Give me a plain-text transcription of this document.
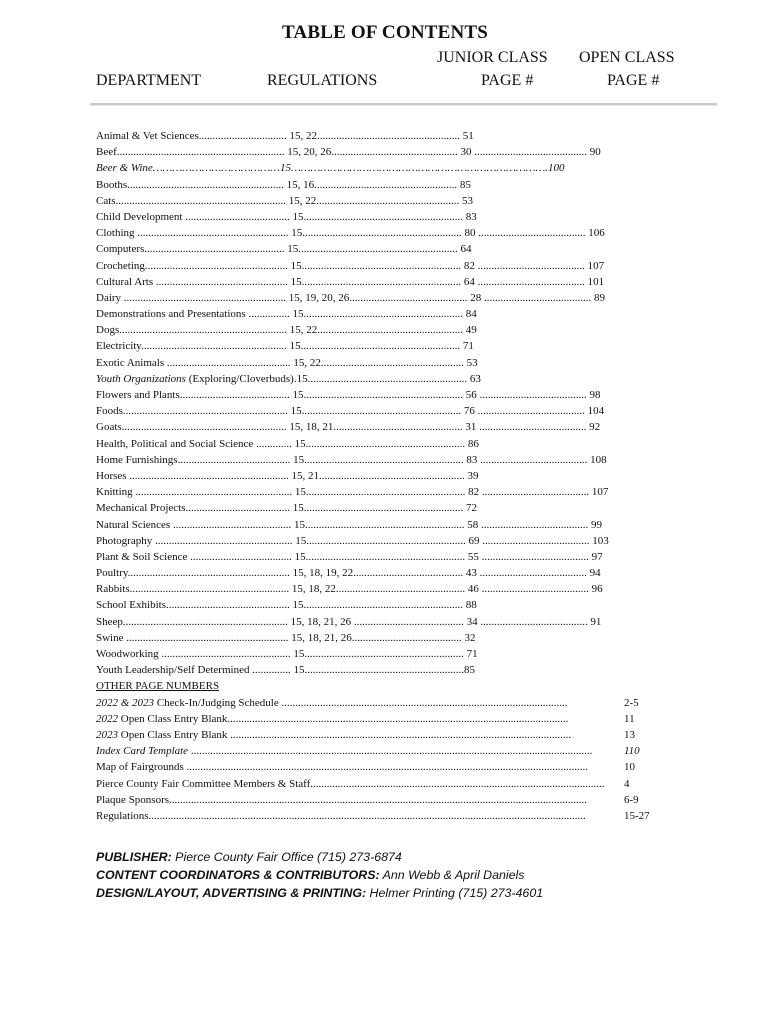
TABLE OF CONTENTS
JUNIOR CLASS OPEN CLASS
DEPARTMENT	REGULATIONS	PAGE #	PAGE #
Animal & Vet Sciences................................ 15, 22.................................................... 51
Beef............................................................. 15, 20, 26.............................................. 30 ......................................... 90
Beer & Wine…………………………………15…………………………………………………………………….100
Booths......................................................... 15, 16.................................................... 85
Cats.............................................................. 15, 22.................................................... 53
Child Development ...................................... 15.......................................................... 83
Clothing ....................................................... 15.......................................................... 80 ....................................... 106
Computers................................................... 15.......................................................... 64
Crocheting.................................................... 15.......................................................... 82 ....................................... 107
Cultural Arts ................................................ 15.......................................................... 64 ....................................... 101
Dairy ........................................................... 15, 19, 20, 26........................................... 28 ....................................... 89
Demonstrations and Presentations ............... 15.......................................................... 84
Dogs............................................................. 15, 22..................................................... 49
Electricity..................................................... 15.......................................................... 71
Exotic Animals ............................................. 15, 22.................................................... 53
Youth Organizations (Exploring/Cloverbuds).15.......................................................... 63
Flowers and Plants........................................ 15.......................................................... 56 ....................................... 98
Foods............................................................ 15.......................................................... 76 ....................................... 104
Goats............................................................ 15, 18, 21............................................... 31 ....................................... 92
Health, Political and Social Science ............. 15.......................................................... 86
Home Furnishings......................................... 15.......................................................... 83 ....................................... 108
Horses .......................................................... 15, 21..................................................... 39
Knitting ......................................................... 15.......................................................... 82 ....................................... 107
Mechanical Projects...................................... 15.......................................................... 72
Natural Sciences ........................................... 15.......................................................... 58 ....................................... 99
Photography .................................................. 15.......................................................... 69 ....................................... 103
Plant & Soil Science ..................................... 15.......................................................... 55 ....................................... 97
Poultry........................................................... 15, 18, 19, 22........................................ 43 ....................................... 94
Rabbits.......................................................... 15, 18, 22............................................... 46 ....................................... 96
School Exhibits............................................. 15.......................................................... 88
Sheep............................................................ 15, 18, 21, 26 ........................................ 34 ....................................... 91
Swine ........................................................... 15, 18, 21, 26........................................ 32
Woodworking ............................................... 15.......................................................... 71
Youth Leadership/Self Determined .............. 15..........................................................85
OTHER PAGE NUMBERS
2022 & 2023 Check-In/Judging Schedule ........................................................................................................	2-5
2022 Open Class Entry Blank............................................................................................................................	11
2023 Open Class Entry Blank ............................................................................................................................	13
Index Card Template ..................................................................................................................................................	110
Map of Fairgrounds ..................................................................................................................................................	10
Pierce County Fair Committee Members & Staff...........................................................................................................	4
Plaque Sponsors........................................................................................................................................................	6-9
Regulations...............................................................................................................................................................	15-27
PUBLISHER: Pierce County Fair Office (715) 273-6874
CONTENT COORDINATORS & CONTRIBUTORS: Ann Webb & April Daniels
DESIGN/LAYOUT, ADVERTISING & PRINTING: Helmer Printing (715) 273-4601
